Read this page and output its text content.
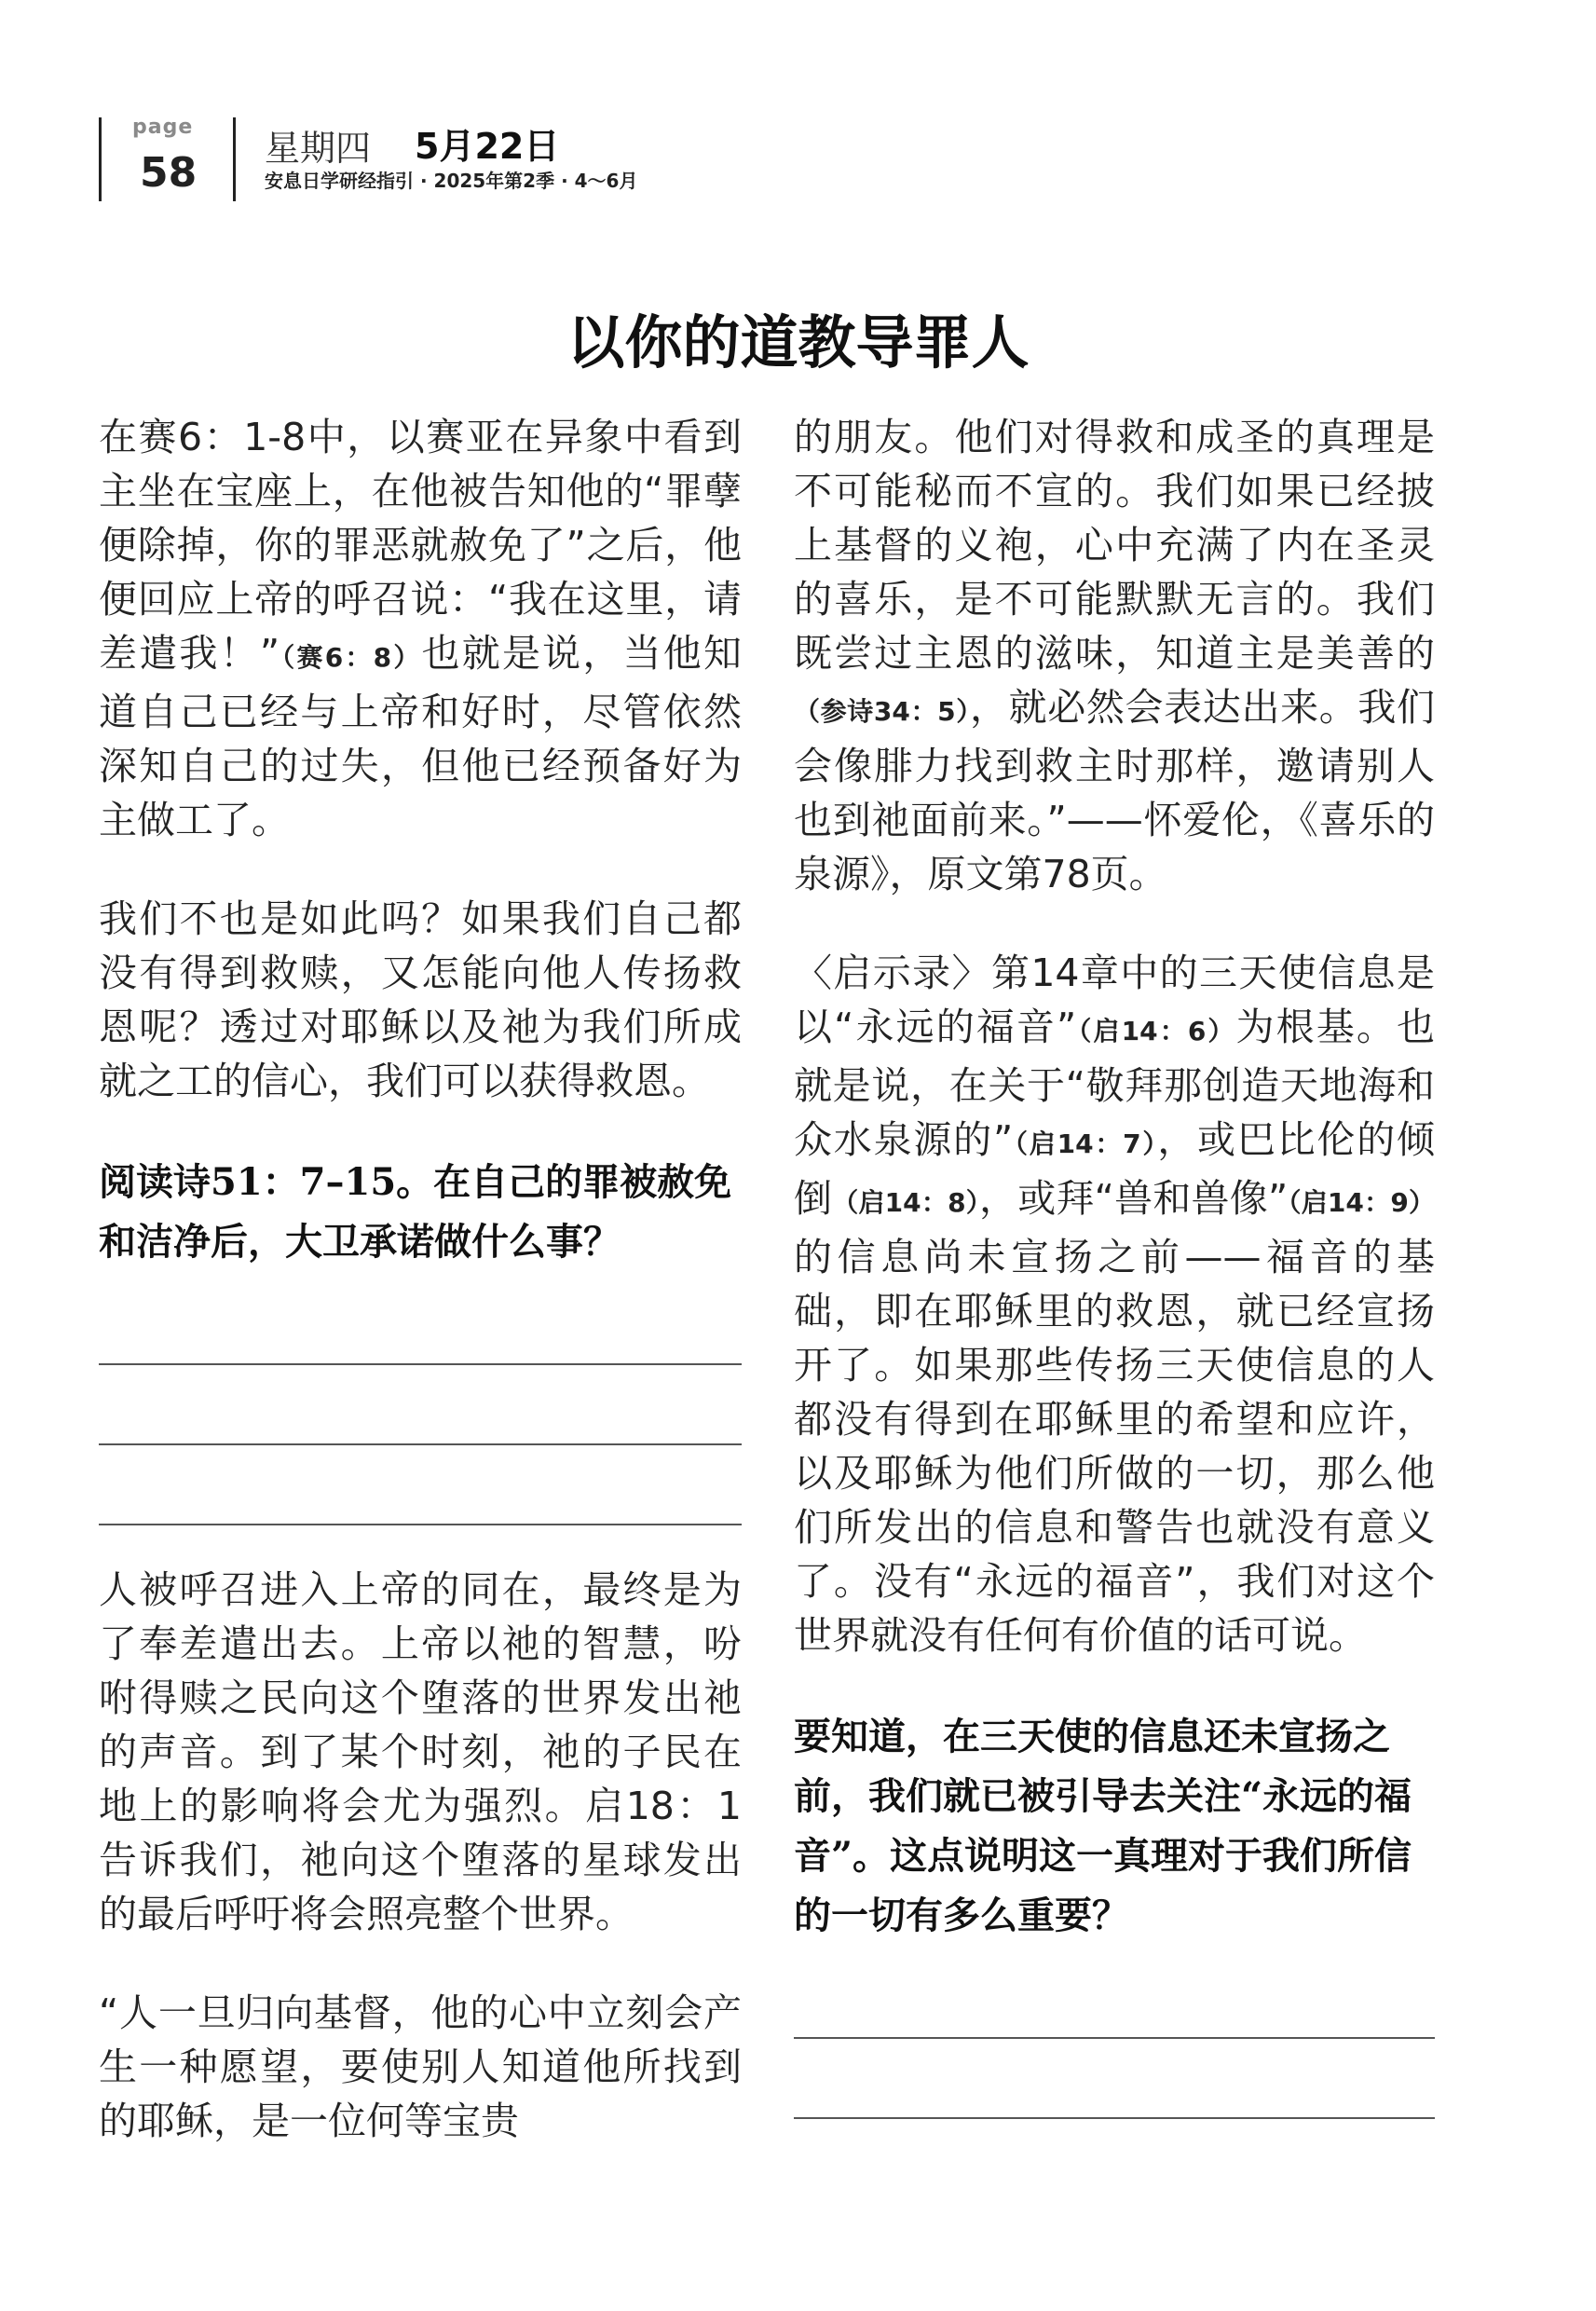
page
58
星期四 5月22日
安息日学研经指引 · 2025年第2季 · 4～6月
以你的道教导罪人

在赛6：1-8中，以赛亚在异象中看到主坐在宝座上，在他被告知他的“罪孽便除掉，你的罪恶就赦免了”之后，他便回应上帝的呼召说：“我在这里，请差遣我！”（赛6：8）也就是说，当他知道自己已经与上帝和好时，尽管依然深知自己的过失，但他已经预备好为主做工了。

我们不也是如此吗？如果我们自己都没有得到救赎，又怎能向他人传扬救恩呢？透过对耶稣以及祂为我们所成就之工的信心，我们可以获得救恩。

阅读诗51：7–15。在自己的罪被赦免和洁净后，大卫承诺做什么事？

人被呼召进入上帝的同在，最终是为了奉差遣出去。上帝以祂的智慧，吩咐得赎之民向这个堕落的世界发出祂的声音。到了某个时刻，祂的子民在地上的影响将会尤为强烈。启18：1告诉我们，祂向这个堕落的星球发出的最后呼吁将会照亮整个世界。

“人一旦归向基督，他的心中立刻会产生一种愿望，要使别人知道他所找到的耶稣，是一位何等宝贵

的朋友。他们对得救和成圣的真理是不可能秘而不宣的。我们如果已经披上基督的义袍，心中充满了内在圣灵的喜乐，是不可能默默无言的。我们既尝过主恩的滋味，知道主是美善的（参诗34：5），就必然会表达出来。我们会像腓力找到救主时那样，邀请别人也到祂面前来。”——怀爱伦，《喜乐的泉源》，原文第78页。

〈启示录〉第14章中的三天使信息是以“永远的福音”（启14：6）为根基。也就是说，在关于“敬拜那创造天地海和众水泉源的”（启14：7），或巴比伦的倾倒（启14：8），或拜“兽和兽像”（启14：9）的信息尚未宣扬之前——福音的基础，即在耶稣里的救恩，就已经宣扬开了。如果那些传扬三天使信息的人都没有得到在耶稣里的希望和应许，以及耶稣为他们所做的一切，那么他们所发出的信息和警告也就没有意义了。没有“永远的福音”，我们对这个世界就没有任何有价值的话可说。

要知道，在三天使的信息还未宣扬之前，我们就已被引导去关注“永远的福音”。这点说明这一真理对于我们所信的一切有多么重要？
